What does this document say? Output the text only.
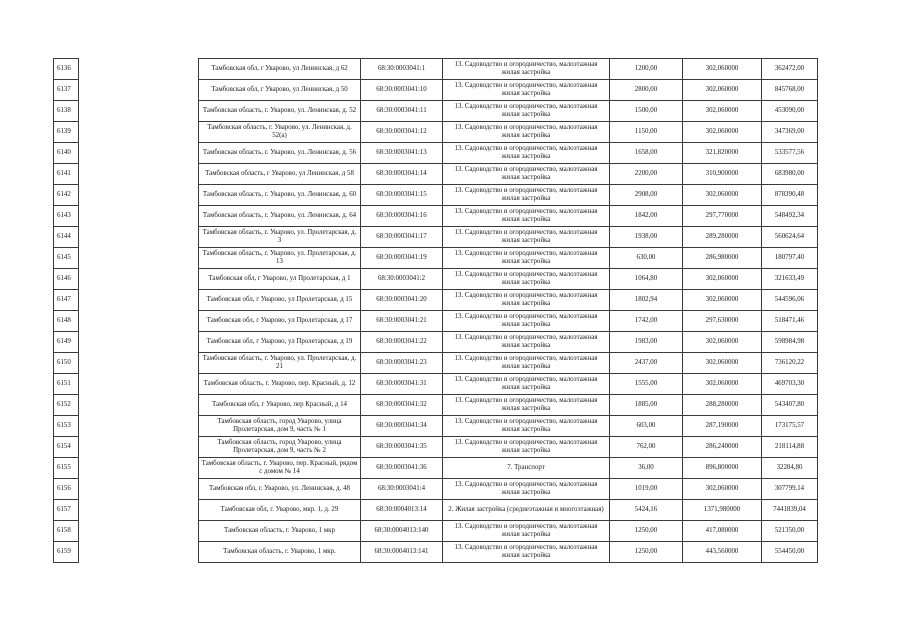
6136		Тамбовская обл, г Уварово, ул Ленинская, д 62	68:30:0003041:1	13. Садоводство и огородничество, малоэтажная жилая застройка	1200,00	302,060000	362472,00
6137		Тамбовская обл, г Уварово, ул Ленинская, д 50	68:30:0003041:10	13. Садоводство и огородничество, малоэтажная жилая застройка	2800,00	302,060000	845768,00
6138		Тамбовская область, г. Уварово, ул. Ленинская, д. 52	68:30:0003041:11	13. Садоводство и огородничество, малоэтажная жилая застройка	1500,00	302,060000	453090,00
6139		Тамбовская область, г. Уварово, ул. Ленинская, д. 52(а)	68:30:0003041:12	13. Садоводство и огородничество, малоэтажная жилая застройка	1150,00	302,060000	347369,00
6140		Тамбовская область, г. Уварово, ул. Ленинская, д. 56	68:30:0003041:13	13. Садоводство и огородничество, малоэтажная жилая застройка	1658,00	321,820000	533577,56
6141		Тамбовская область, г Уварово, ул Ленинская, д 58	68:30:0003041:14	13. Садоводство и огородничество, малоэтажная жилая застройка	2200,00	310,900000	683980,00
6142		Тамбовская область, г. Уварово, ул. Ленинская, д. 60	68:30:0003041:15	13. Садоводство и огородничество, малоэтажная жилая застройка	2908,00	302,060000	878390,48
6143		Тамбовская область, г. Уварово, ул. Ленинская, д. 64	68:30:0003041:16	13. Садоводство и огородничество, малоэтажная жилая застройка	1842,00	297,770000	548492,34
6144		Тамбовская область, г. Уварово, ул. Пролетарская, д. 3	68:30:0003041:17	13. Садоводство и огородничество, малоэтажная жилая застройка	1938,00	289,280000	560624,64
6145		Тамбовская область, г. Уварово, ул. Пролетарская, д. 13	68:30:0003041:19	13. Садоводство и огородничество, малоэтажная жилая застройка	630,00	286,980000	180797,40
6146		Тамбовская обл, г Уварово, ул Пролетарская, д 1	68:30:0003041:2	13. Садоводство и огородничество, малоэтажная жилая застройка	1064,80	302,060000	321633,49
6147		Тамбовская обл, г Уварово, ул Пролетарская, д 15	68:30:0003041:20	13. Садоводство и огородничество, малоэтажная жилая застройка	1802,94	302,060000	544596,06
6148		Тамбовская обл, г Уварово, ул Пролетарская, д 17	68:30:0003041:21	13. Садоводство и огородничество, малоэтажная жилая застройка	1742,00	297,630000	518471,46
6149		Тамбовская обл, г Уварово, ул Пролетарская, д 19	68:30:0003041:22	13. Садоводство и огородничество, малоэтажная жилая застройка	1983,00	302,060000	598984,98
6150		Тамбовская область, г. Уварово, ул. Пролетарская, д. 21	68:30:0003041:23	13. Садоводство и огородничество, малоэтажная жилая застройка	2437,00	302,060000	736120,22
6151		Тамбовская область, г. Уварово, пер. Красный, д. 12	68:30:0003041:31	13. Садоводство и огородничество, малоэтажная жилая застройка	1555,00	302,060000	469703,30
6152		Тамбовская обл, г Уварово, пер Красный, д 14	68:30:0003041:32	13. Садоводство и огородничество, малоэтажная жилая застройка	1885,00	288,280000	543407,80
6153		Тамбовская область, город Уварово, улица Пролетарская, дом 9, часть № 1	68:30:0003041:34	13. Садоводство и огородничество, малоэтажная жилая застройка	603,00	287,190000	173175,57
6154		Тамбовская область, город Уварово, улица Пролетарская, дом 9, часть № 2	68:30:0003041:35	13. Садоводство и огородничество, малоэтажная жилая застройка	762,00	286,240000	218114,88
6155		Тамбовская область, г. Уварово, пер. Красный, рядом с домом № 14	68:30:0003041:36	7. Транспорт	36,00	896,800000	32284,80
6156		Тамбовская обл, г. Уварово, ул. Ленинская, д. 48	68:30:0003041:4	13. Садоводство и огородничество, малоэтажная жилая застройка	1019,00	302,060000	307799,14
6157		Тамбовская обл, г. Уварово, мкр. 1, д. 29	68:30:0004013:14	2. Жилая застройка (среднеэтажная и многоэтажная)	5424,16	1371,980000	7441839,04
6158		Тамбовская область, г. Уварово, 1 мкр	68:30:0004013:140	13. Садоводство и огородничество, малоэтажная жилая застройка	1250,00	417,080000	521350,00
6159		Тамбовская область, г. Уварово, 1 мкр.	68:30:0004013:141	13. Садоводство и огородничество, малоэтажная жилая застройка	1250,00	443,560000	554450,00
